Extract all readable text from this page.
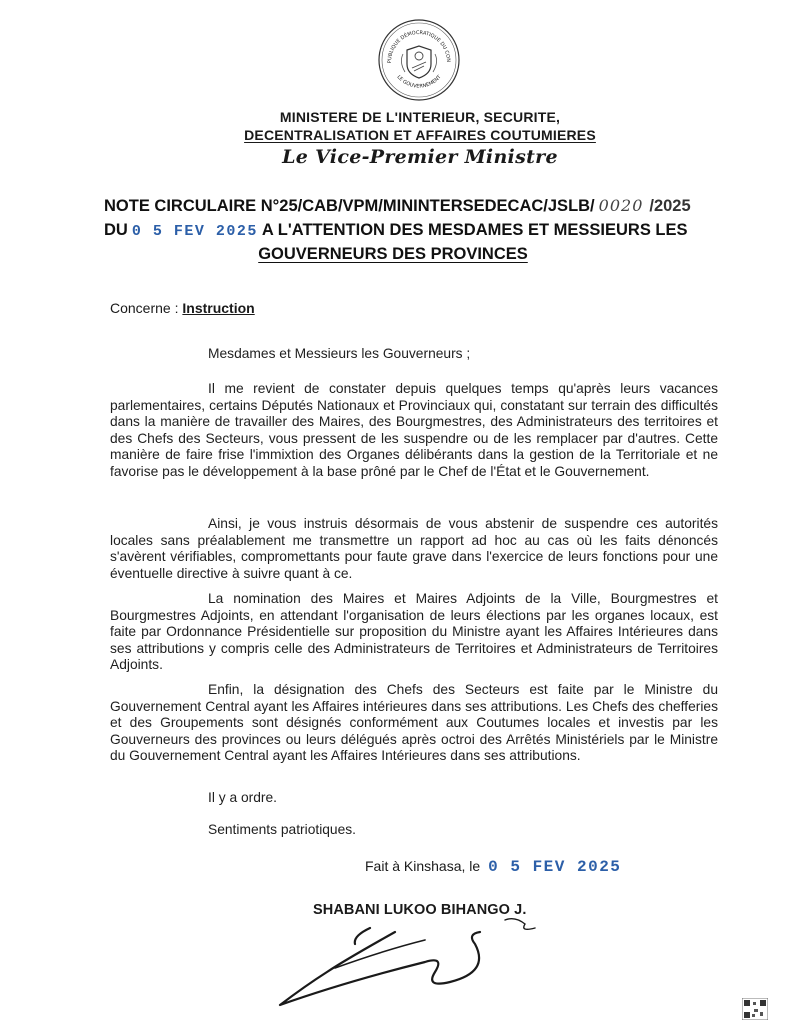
PUBLIQUE DÉMOCRATIQUE DU CON
LE GOUVERNEMENT
MINISTERE DE L'INTERIEUR, SECURITE,
DECENTRALISATION ET AFFAIRES COUTUMIERES
Le Vice-Premier Ministre
NOTE CIRCULAIRE N°25/CAB/VPM/MININTERSEDECAC/JSLB/ 0020 /2025
DU 0 5 FEV 2025 A L'ATTENTION DES MESDAMES ET MESSIEURS LES
GOUVERNEURS DES PROVINCES
Concerne : Instruction
Mesdames et Messieurs les Gouverneurs ;
Il me revient de constater depuis quelques temps qu'après leurs vacances parlementaires, certains Députés Nationaux et Provinciaux qui, constatant sur terrain des difficultés dans la manière de travailler des Maires, des Bourgmestres, des Administrateurs des territoires et des Chefs des Secteurs, vous pressent de les suspendre ou de les remplacer par d'autres. Cette manière de faire frise l'immixtion des Organes délibérants dans la gestion de la Territoriale et ne favorise pas le développement à la base prôné par le Chef de l'État et le Gouvernement.
Ainsi, je vous instruis désormais de vous abstenir de suspendre ces autorités locales sans préalablement me transmettre un rapport ad hoc au cas où les faits dénoncés s'avèrent vérifiables, compromettants pour faute grave dans l'exercice de leurs fonctions pour une éventuelle directive à suivre quant à ce.
La nomination des Maires et Maires Adjoints de la Ville, Bourgmestres et Bourgmestres Adjoints, en attendant l'organisation de leurs élections par les organes locaux, est faite par Ordonnance Présidentielle sur proposition du Ministre ayant les Affaires Intérieures dans ses attributions y compris celle des Administrateurs de Territoires et Administrateurs de Territoires Adjoints.
Enfin, la désignation des Chefs des Secteurs est faite par le Ministre du Gouvernement Central ayant les Affaires intérieures dans ses attributions. Les Chefs des chefferies et des Groupements sont désignés conformément aux Coutumes locales et investis par les Gouverneurs des provinces ou leurs délégués après octroi des Arrêtés Ministériels par le Ministre du Gouvernement Central ayant les Affaires Intérieures dans ses attributions.
Il y a ordre.
Sentiments patriotiques.
Fait à Kinshasa, le 0 5 FEV 2025
SHABANI LUKOO BIHANGO J.
